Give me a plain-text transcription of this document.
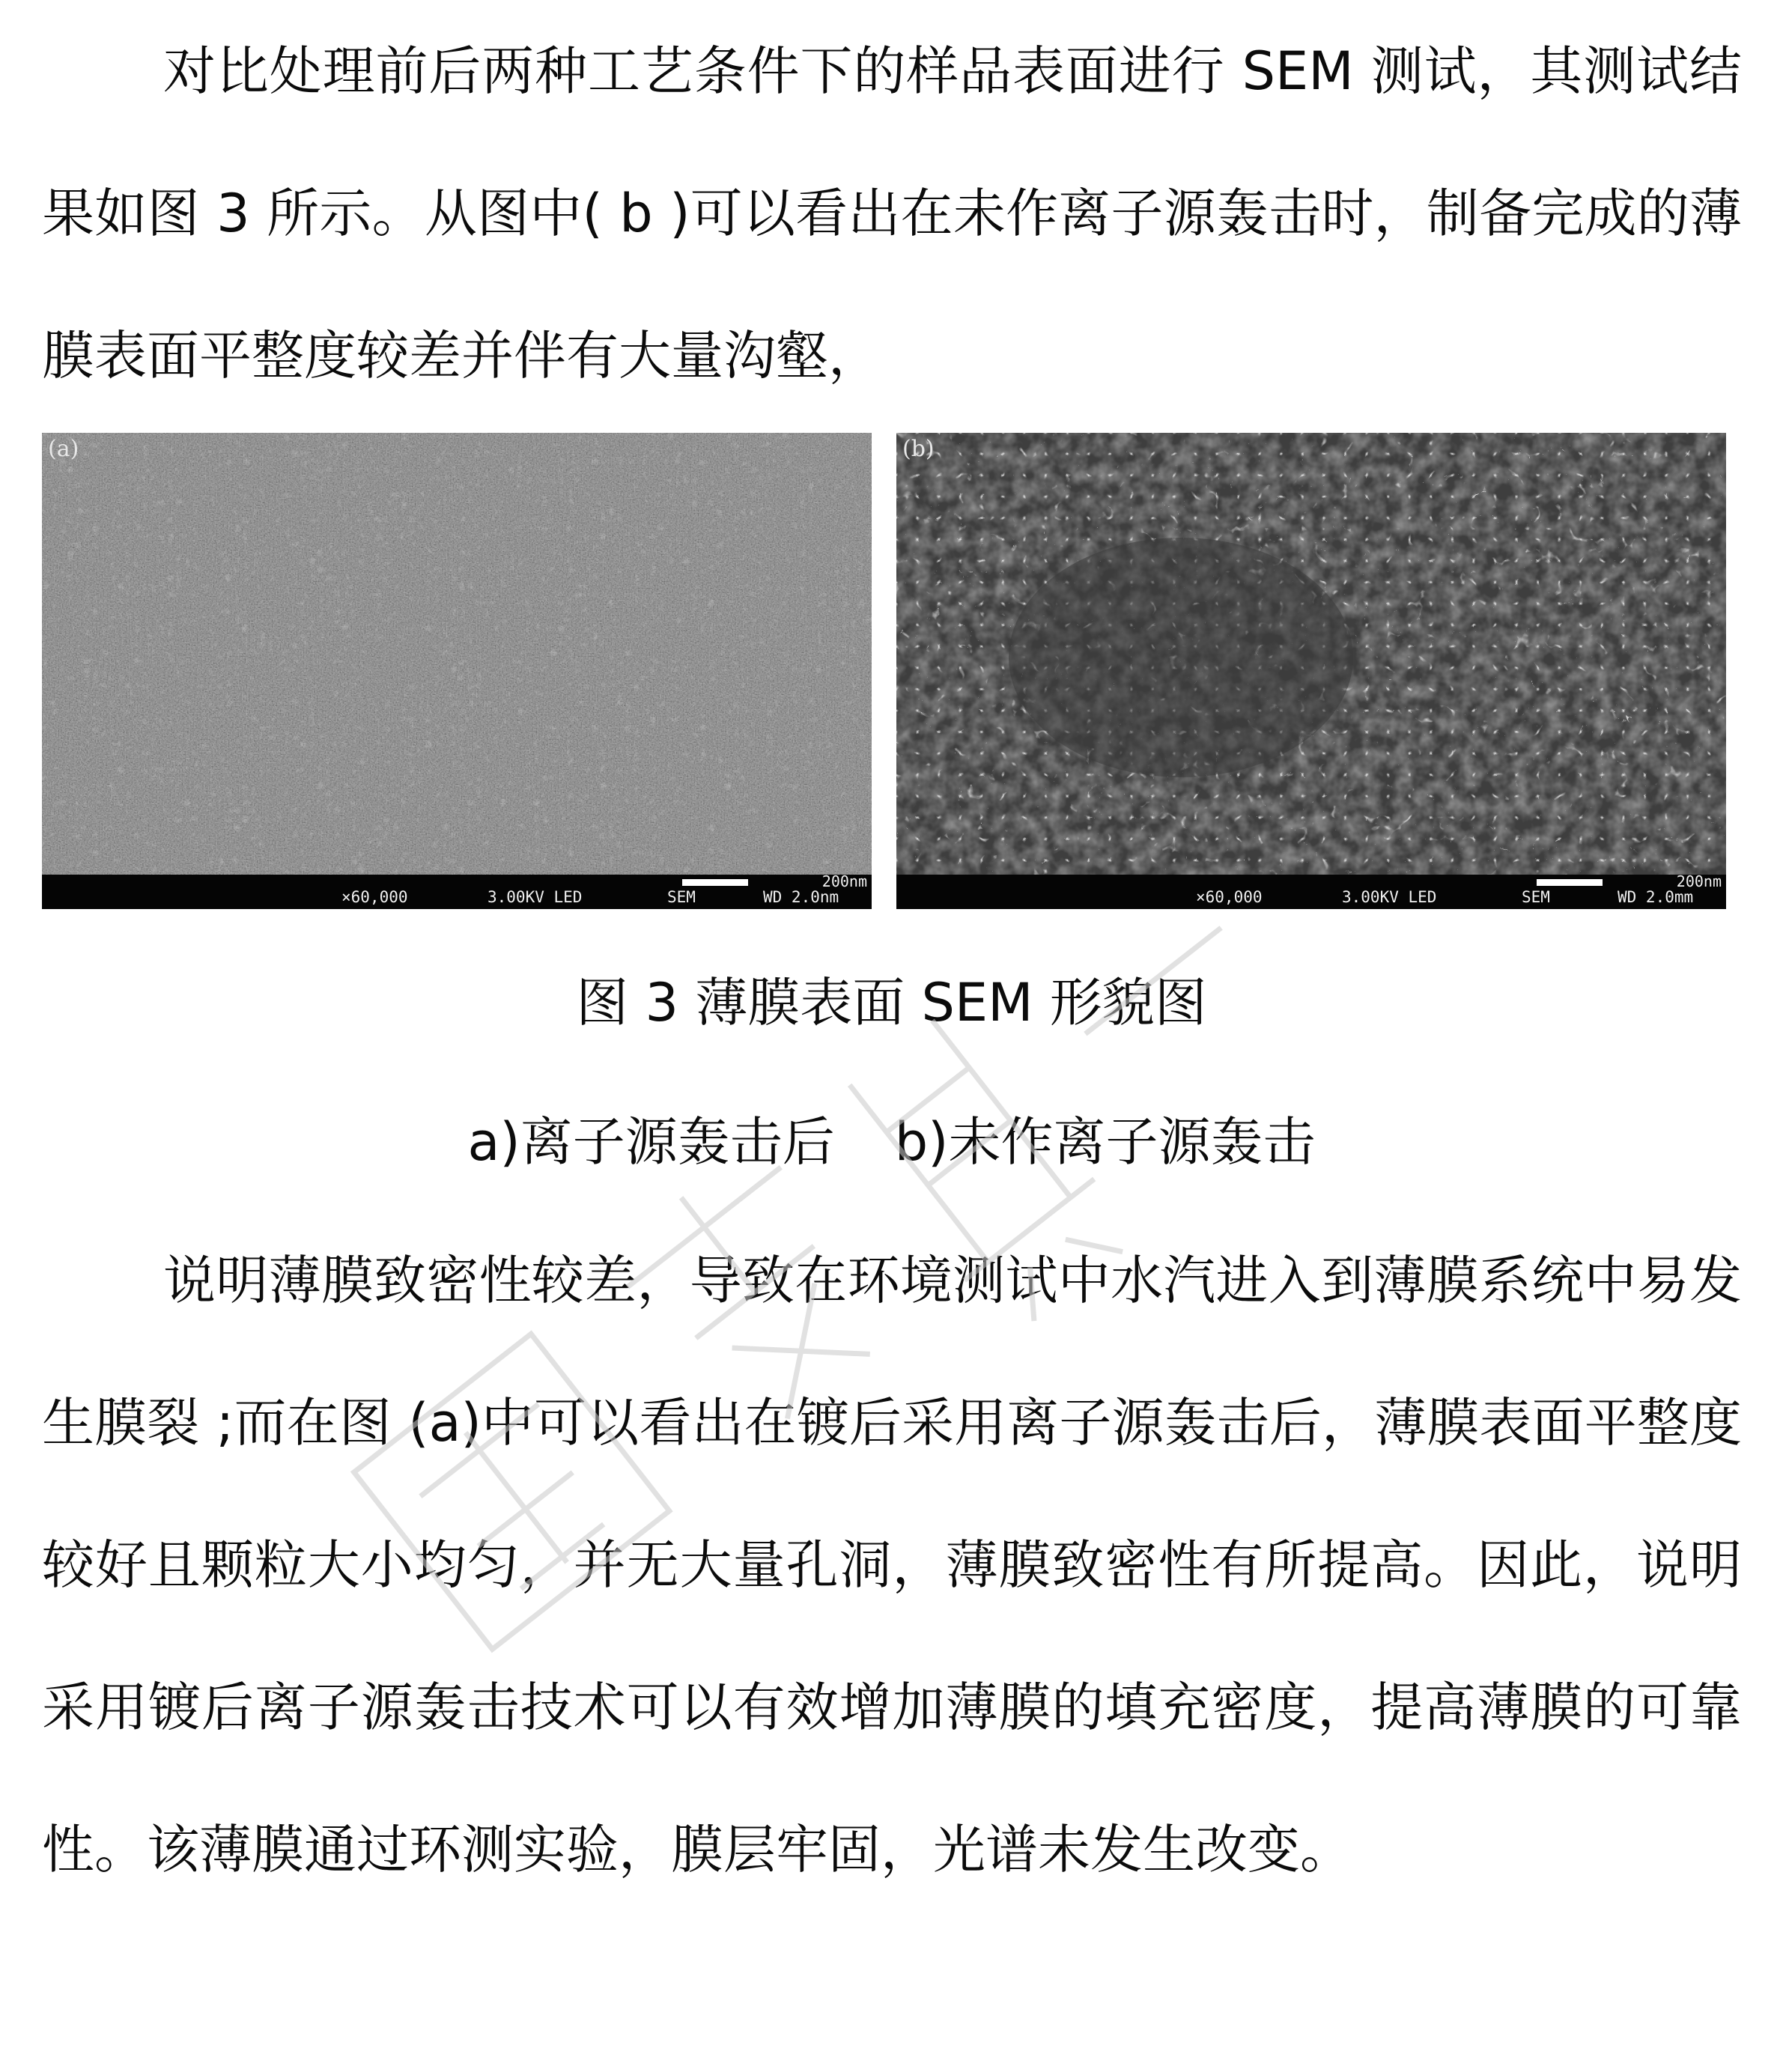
对比处理前后两种工艺条件下的样品表面进行 SEM 测试，其测试结果如图 3 所示。从图中( b )可以看出在未作离子源轰击时，制备完成的薄膜表面平整度较差并伴有大量沟壑，

(a)
200nm
×60,000	3.00KV LED	SEM	WD 2.0nm
(b)
200nm
×60,000	3.00KV LED	SEM	WD 2.0mm

图 3 薄膜表面 SEM 形貌图

a)离子源轰击后 b)未作离子源轰击

说明薄膜致密性较差，导致在环境测试中水汽进入到薄膜系统中易发生膜裂 ;而在图 (a)中可以看出在镀后采用离子源轰击后，薄膜表面平整度较好且颗粒大小均匀，并无大量孔洞，薄膜致密性有所提高。因此，说明采用镀后离子源轰击技术可以有效增加薄膜的填充密度，提高薄膜的可靠性。该薄膜通过环测实验，膜层牢固，光谱未发生改变。
